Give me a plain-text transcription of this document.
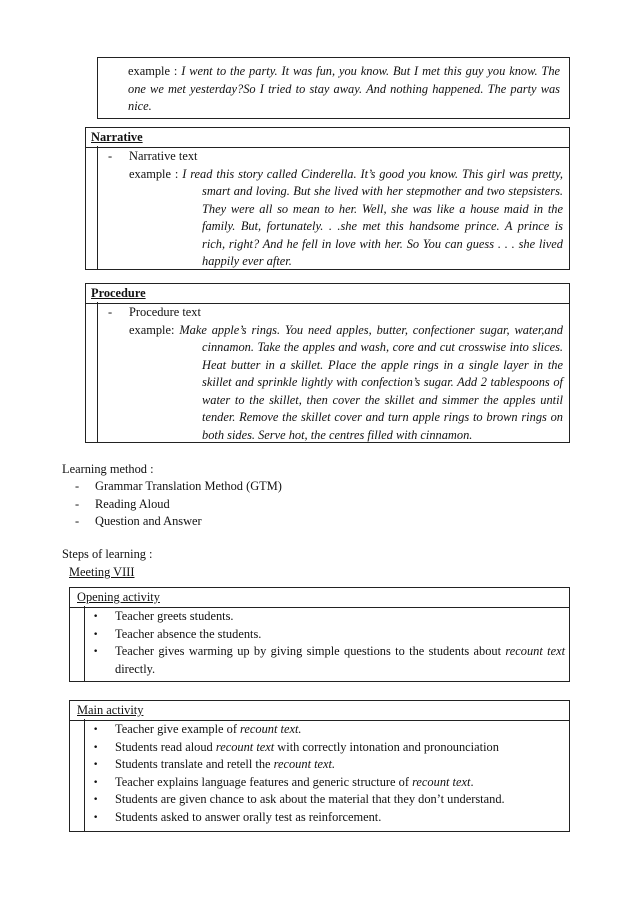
example : I went to the party. It was fun, you know. But I met this guy you know. The one we met yesterday?So I tried to stay away. And nothing happened. The party was nice.
Narrative
- Narrative text
example : I read this story called Cinderella. It’s good you know. This girl was pretty, smart and loving. But she lived with her stepmother and two stepsisters. They were all so mean to her. Well, she was like a house maid in the family. But, fortunately. . .she met this handsome prince. A prince is rich, right? And he fell in love with her. So You can guess . . . she lived happily ever after.
Procedure
- Procedure text
example: Make apple’s rings. You need apples, butter, confectioner sugar, water,and cinnamon. Take the apples and wash, core and cut crosswise into slices. Heat butter in a skillet. Place the apple rings in a single layer in the skillet and sprinkle lightly with confection’s sugar. Add 2 tablespoons of water to the skillet, then cover the skillet and simmer the apples until tender. Remove the skillet cover and turn apple rings to brown rings on both sides. Serve hot, the centres filled with cinnamon.
Learning method :
- Grammar Translation Method (GTM)
- Reading Aloud
- Question and Answer
Steps of learning :
Meeting VIII
Opening activity
• Teacher greets students.
• Teacher absence the students.
• Teacher gives warming up by giving simple questions to the students about recount text directly.
Main activity
• Teacher give example of recount text.
• Students read aloud recount text with correctly intonation and pronounciation
• Students translate and retell the recount text.
• Teacher explains language features and generic structure of recount text.
• Students are given chance to ask about the material that they don’t understand.
• Students asked to answer orally test as reinforcement.
